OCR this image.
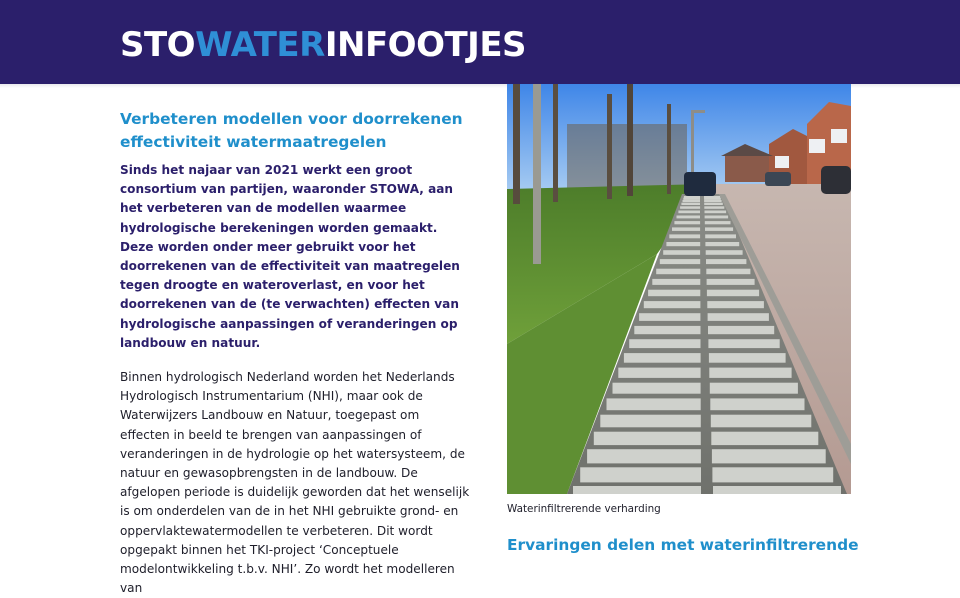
STOWATERINFOOTJES
Verbeteren modellen voor doorrekenen effectiviteit watermaatregelen

Sinds het najaar van 2021 werkt een groot consortium van partijen, waaronder STOWA, aan het verbeteren van de modellen waarmee hydrologische berekeningen worden gemaakt. Deze worden onder meer gebruikt voor het doorrekenen van de effectiviteit van maatregelen tegen droogte en wateroverlast, en voor het doorrekenen van de (te verwachten) effecten van hydrologische aanpassingen of veranderingen op landbouw en natuur.

Binnen hydrologisch Nederland worden het Nederlands Hydrologisch Instrumentarium (NHI), maar ook de Waterwijzers Landbouw en Natuur, toegepast om effecten in beeld te brengen van aanpassingen of veranderingen in de hydrologie op het watersysteem, de natuur en gewasopbrengsten in de landbouw. De afgelopen periode is duidelijk geworden dat het wenselijk is om onderdelen van de in het NHI gebruikte grond- en oppervlaktewatermodellen te verbeteren. Dit wordt opgepakt binnen het TKI-project ‘Conceptuele modelontwikkeling t.b.v. NHI’. Zo wordt het modelleren van

Waterinfiltrerende verharding

Ervaringen delen met waterinfiltrerende
